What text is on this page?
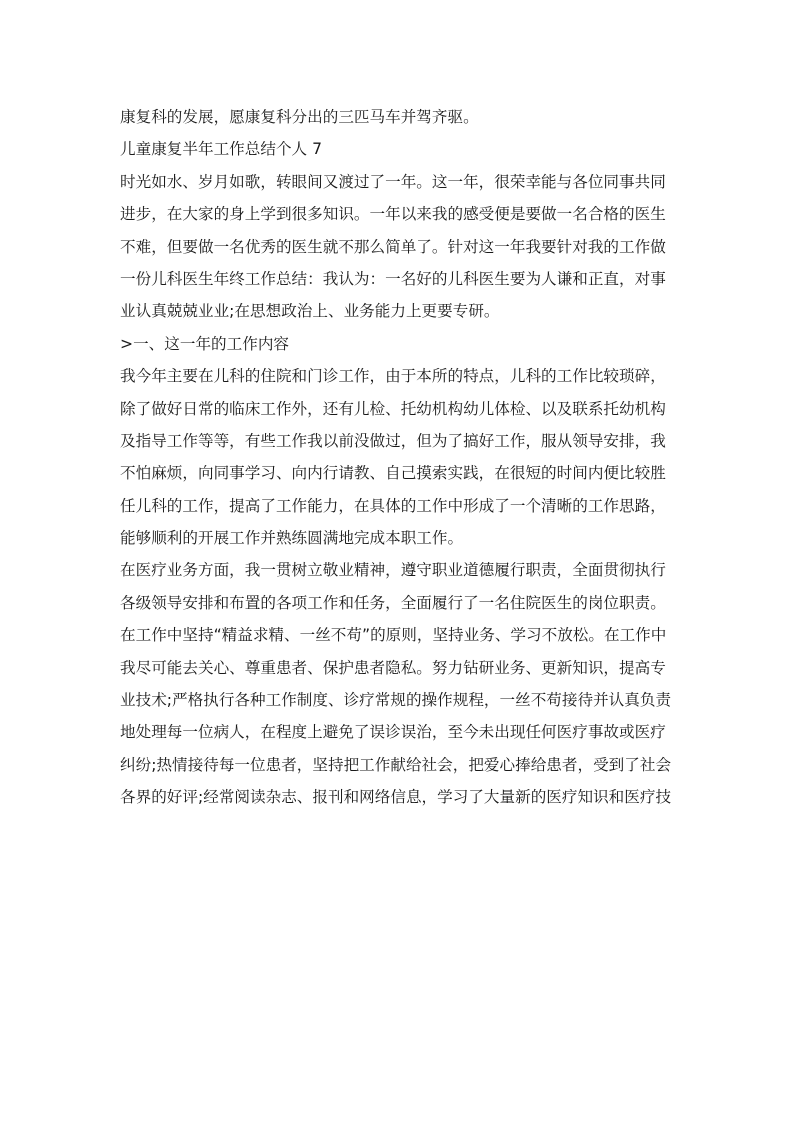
康复科的发展，愿康复科分出的三匹马车并驾齐驱。
儿童康复半年工作总结个人 7
时光如水、岁月如歌，转眼间又渡过了一年。这一年，很荣幸能与各位同事共同
进步，在大家的身上学到很多知识。一年以来我的感受便是要做一名合格的医生
不难，但要做一名优秀的医生就不那么简单了。针对这一年我要针对我的工作做
一份儿科医生年终工作总结：我认为：一名好的儿科医生要为人谦和正直，对事
业认真兢兢业业;在思想政治上、业务能力上更要专研。
>一、这一年的工作内容
我今年主要在儿科的住院和门诊工作，由于本所的特点，儿科的工作比较琐碎，
除了做好日常的临床工作外，还有儿检、托幼机构幼儿体检、以及联系托幼机构
及指导工作等等，有些工作我以前没做过，但为了搞好工作，服从领导安排，我
不怕麻烦，向同事学习、向内行请教、自己摸索实践，在很短的时间内便比较胜
任儿科的工作，提高了工作能力，在具体的工作中形成了一个清晰的工作思路，
能够顺利的开展工作并熟练圆满地完成本职工作。
在医疗业务方面，我一贯树立敬业精神，遵守职业道德履行职责，全面贯彻执行
各级领导安排和布置的各项工作和任务，全面履行了一名住院医生的岗位职责。
在工作中坚持“精益求精、一丝不苟”的原则，坚持业务、学习不放松。在工作中
我尽可能去关心、尊重患者、保护患者隐私。努力钻研业务、更新知识，提高专
业技术;严格执行各种工作制度、诊疗常规的操作规程，一丝不苟接待并认真负责
地处理每一位病人，在程度上避免了误诊误治，至今未出现任何医疗事故或医疗
纠纷;热情接待每一位患者，坚持把工作献给社会，把爱心捧给患者，受到了社会
各界的好评;经常阅读杂志、报刊和网络信息，学习了大量新的医疗知识和医疗技
